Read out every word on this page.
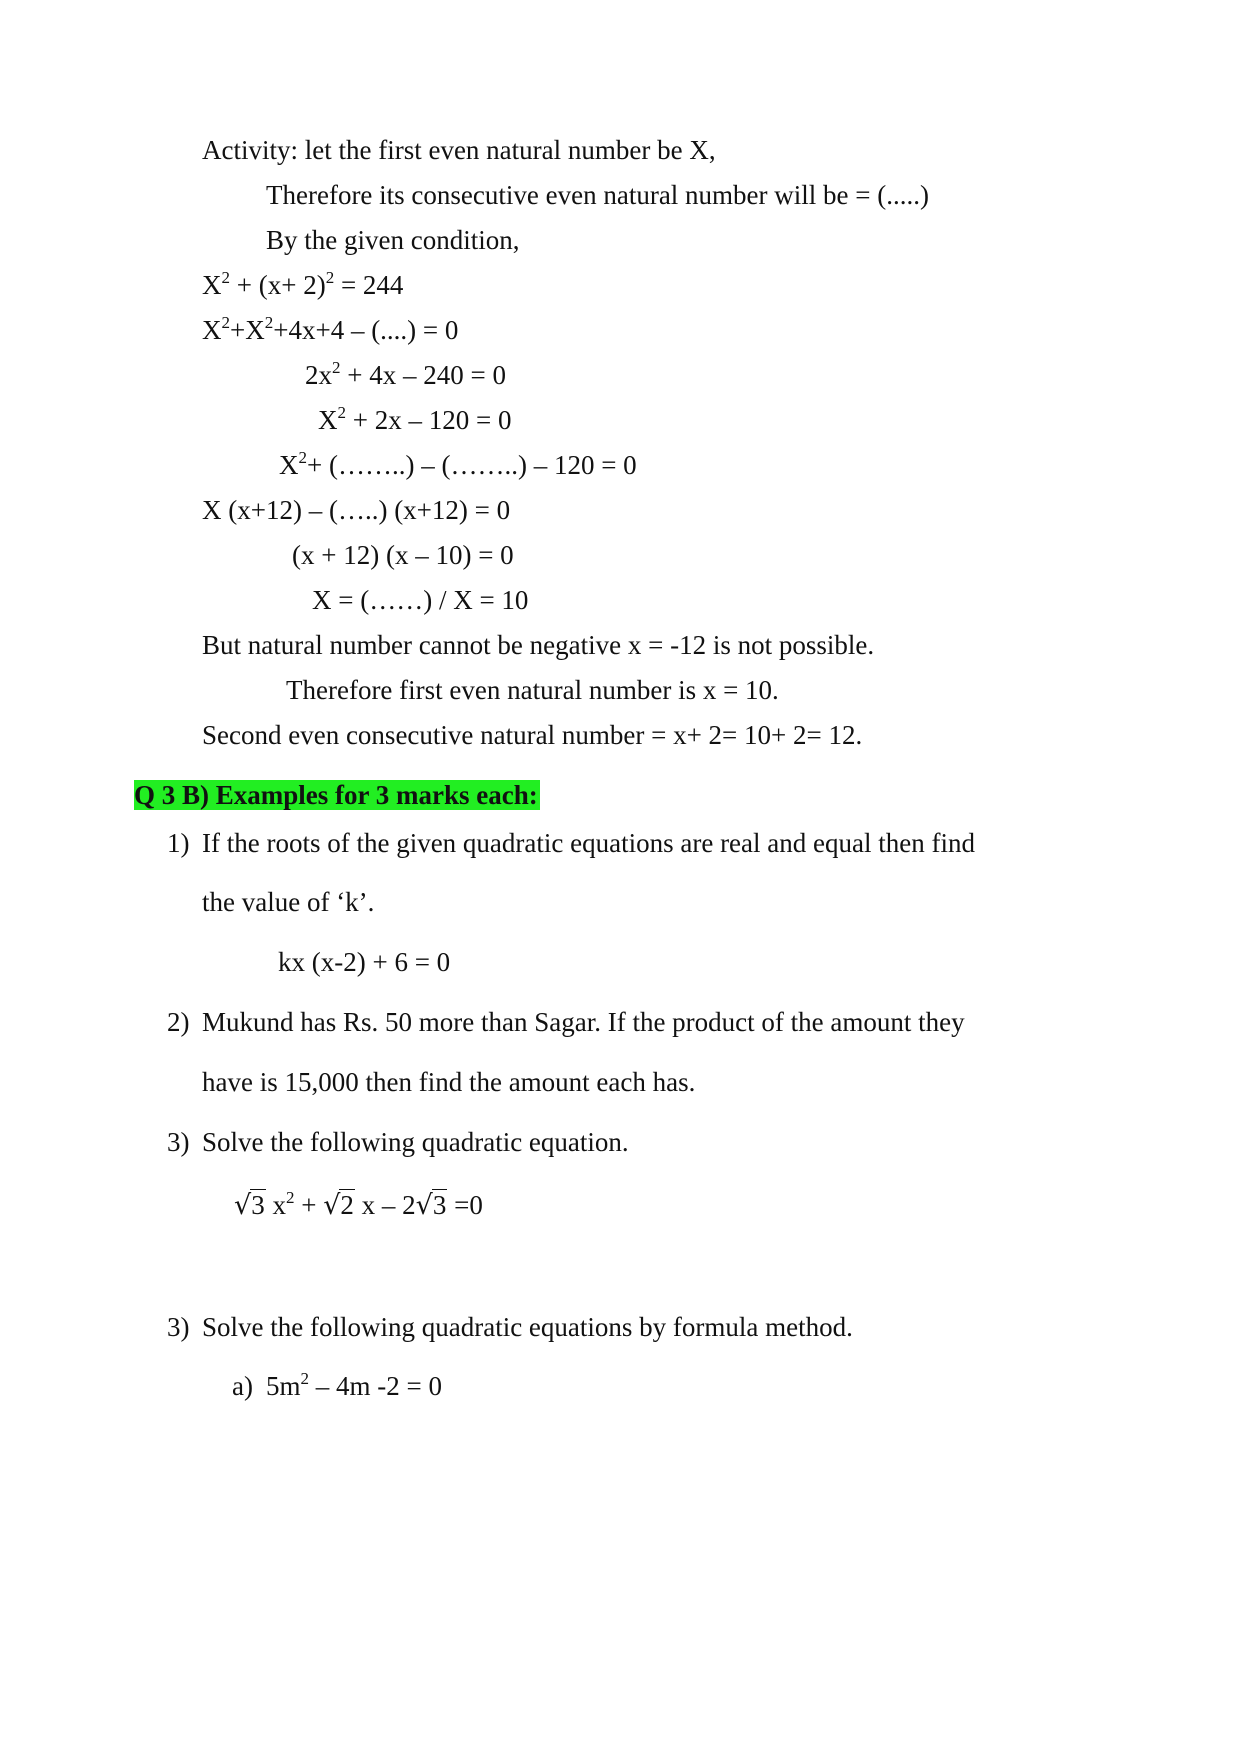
Activity: let the first even natural number be X,
Therefore its consecutive even natural number will be = (.....)
By the given condition,
$X^2 + (x+ 2)^2 = 244$
$X^2+X^2+4x+4$ – (....) = 0
$2x^2 + 4x - 240 = 0$
$X^2 + 2x - 120 = 0$
$X^2+$ (……..) – (……..) – 120 = 0
X (x+12) – (…..) (x+12) = 0
(x + 12) (x – 10) = 0
X = (……) / X = 10
But natural number cannot be negative x = -12 is not possible.
Therefore first even natural number is x = 10.
Second even consecutive natural number = x+ 2= 10+ 2= 12.
Q 3 B) Examples for 3 marks each:
1) If the roots of the given quadratic equations are real and equal then find
the value of ‘k’.
kx (x-2) + 6 = 0
2) Mukund has Rs. 50 more than Sagar. If the product of the amount they
have is 15,000 then find the amount each has.
3) Solve the following quadratic equation.
√3 $x^2 + √2$ x – 2√3 =0
3) Solve the following quadratic equations by formula method.
a) $5m^2 - 4m$ -2 = 0
